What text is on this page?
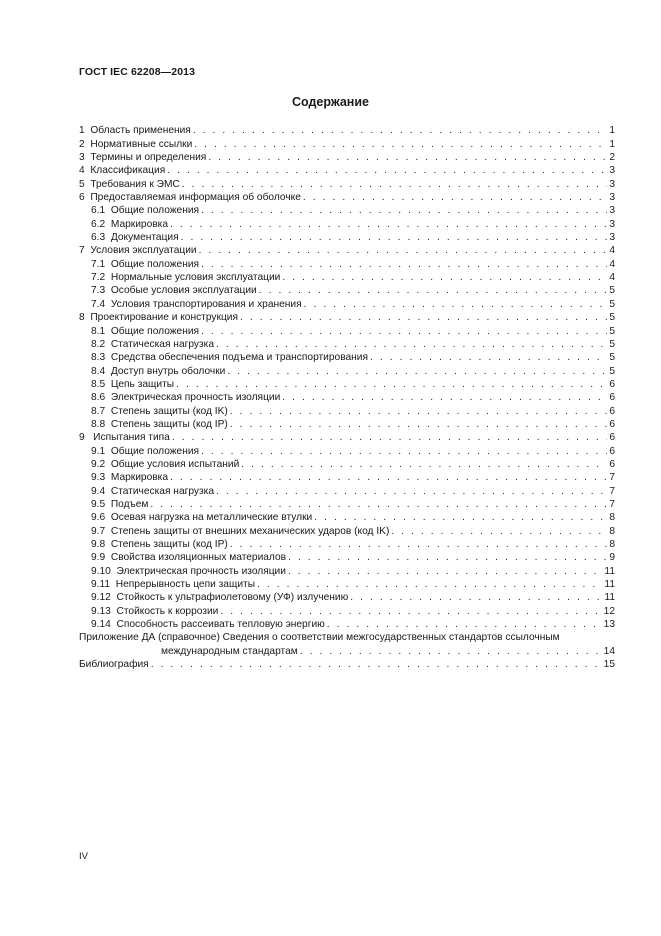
ГОСТ IEC 62208—2013
Содержание
1 Область применения . . .	1
2 Нормативные ссылки . . .	1
3 Термины и определения . . .	2
4 Классификация . . .	3
5 Требования к ЭМС . . .	3
6 Предоставляемая информация об оболочке . . .	3
6.1 Общие положения . . .	3
6.2 Маркировка . . .	3
6.3 Документация . . .	3
7 Условия эксплуатации . . .	4
7.1 Общие положения . . .	4
7.2 Нормальные условия эксплуатации . . .	4
7.3 Особые условия эксплуатации . . .	5
7.4 Условия транспортирования и хранения . . .	5
8 Проектирование и конструкция . . .	5
8.1 Общие положения . . .	5
8.2 Статическая нагрузка . . .	5
8.3 Средства обеспечения подъема и транспортирования . . .	5
8.4 Доступ внутрь оболочки . . .	5
8.5 Цепь защиты . . .	6
8.6 Электрическая прочность изоляции . . .	6
8.7 Степень защиты (код IK) . . .	6
8.8 Степень защиты (код IP) . . .	6
9   Испытания типа . . .	6
9.1 Общие положения . . .	6
9.2 Общие условия испытаний . . .	6
9.3 Маркировка . . .	7
9.4 Статическая нагрузка . . .	7
9.5 Подъем . . .	7
9.6 Осевая нагрузка на металлические втулки . . .	8
9.7 Степень защиты от внешних механических ударов (код IK) . . .	8
9.8 Степень защиты (код IP) . . .	8
9.9 Свойства изоляционных материалов . . .	9
9.10 Электрическая прочность изоляции . . .	11
9.11 Непрерывность цепи защиты . . .	11
9.12 Стойкость к ультрафиолетовому (УФ) излучению . . .	11
9.13 Стойкость к коррозии . . .	12
9.14 Способность рассеивать тепловую энергию . . .	13
Приложение ДА (справочное) Сведения о соответствии межгосударственных стандартов ссылочным
международным стандартам . . .	14
Библиография . . .	15
IV
